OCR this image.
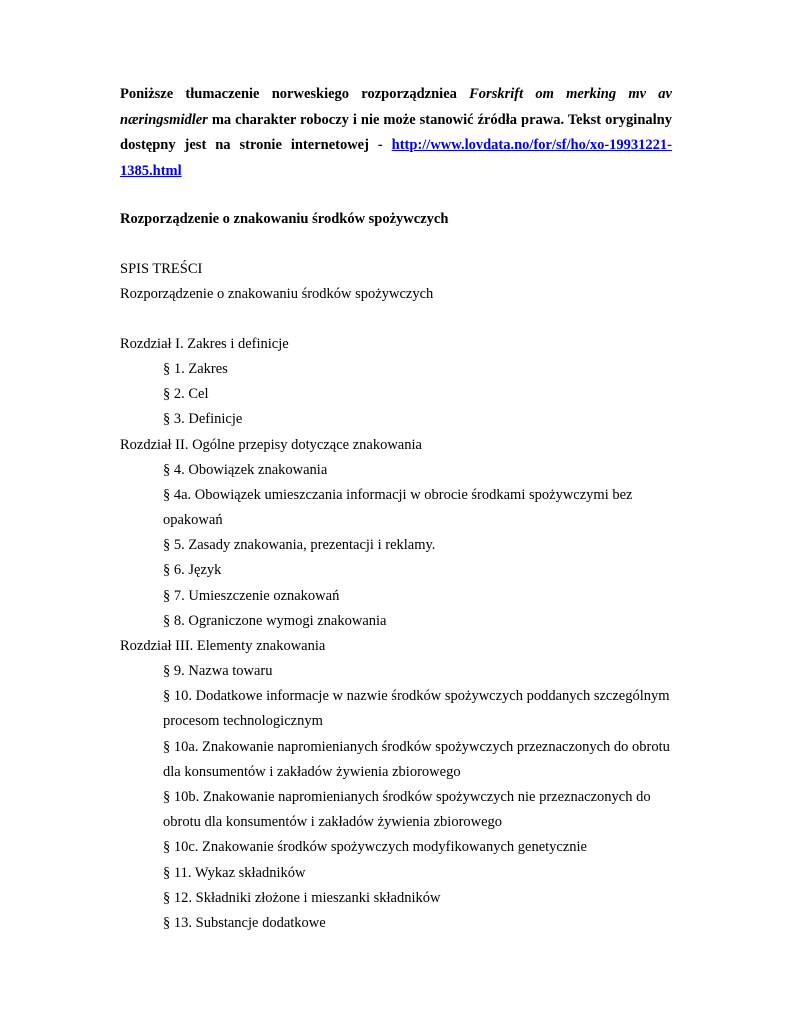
Poniższe tłumaczenie norweskiego rozporządzniea Forskrift om merking mv av næringsmidler ma charakter roboczy i nie może stanowić źródła prawa. Tekst oryginalny dostępny jest na stronie internetowej - http://www.lovdata.no/for/sf/ho/xo-19931221-1385.html

Rozporządzenie o znakowaniu środków spożywczych

SPIS TREŚCI

Rozporządzenie o znakowaniu środków spożywczych

Rozdział I. Zakres i definicje
§ 1. Zakres
§ 2. Cel
§ 3. Definicje
Rozdział II. Ogólne przepisy dotyczące znakowania
§ 4. Obowiązek znakowania
§ 4a. Obowiązek umieszczania informacji w obrocie środkami spożywczymi bez opakowań
§ 5. Zasady znakowania, prezentacji i reklamy.
§ 6. Język
§ 7. Umieszczenie oznakowań
§ 8. Ograniczone wymogi znakowania
Rozdział III. Elementy znakowania
§ 9. Nazwa towaru
§ 10. Dodatkowe informacje w nazwie środków spożywczych poddanych szczególnym procesom technologicznym
§ 10a. Znakowanie napromienianych środków spożywczych przeznaczonych do obrotu dla konsumentów i zakładów żywienia zbiorowego
§ 10b. Znakowanie napromienianych środków spożywczych nie przeznaczonych do obrotu dla konsumentów i zakładów żywienia zbiorowego
§ 10c. Znakowanie środków spożywczych modyfikowanych genetycznie
§ 11. Wykaz składników
§ 12. Składniki złożone i mieszanki składników
§ 13. Substancje dodatkowe
